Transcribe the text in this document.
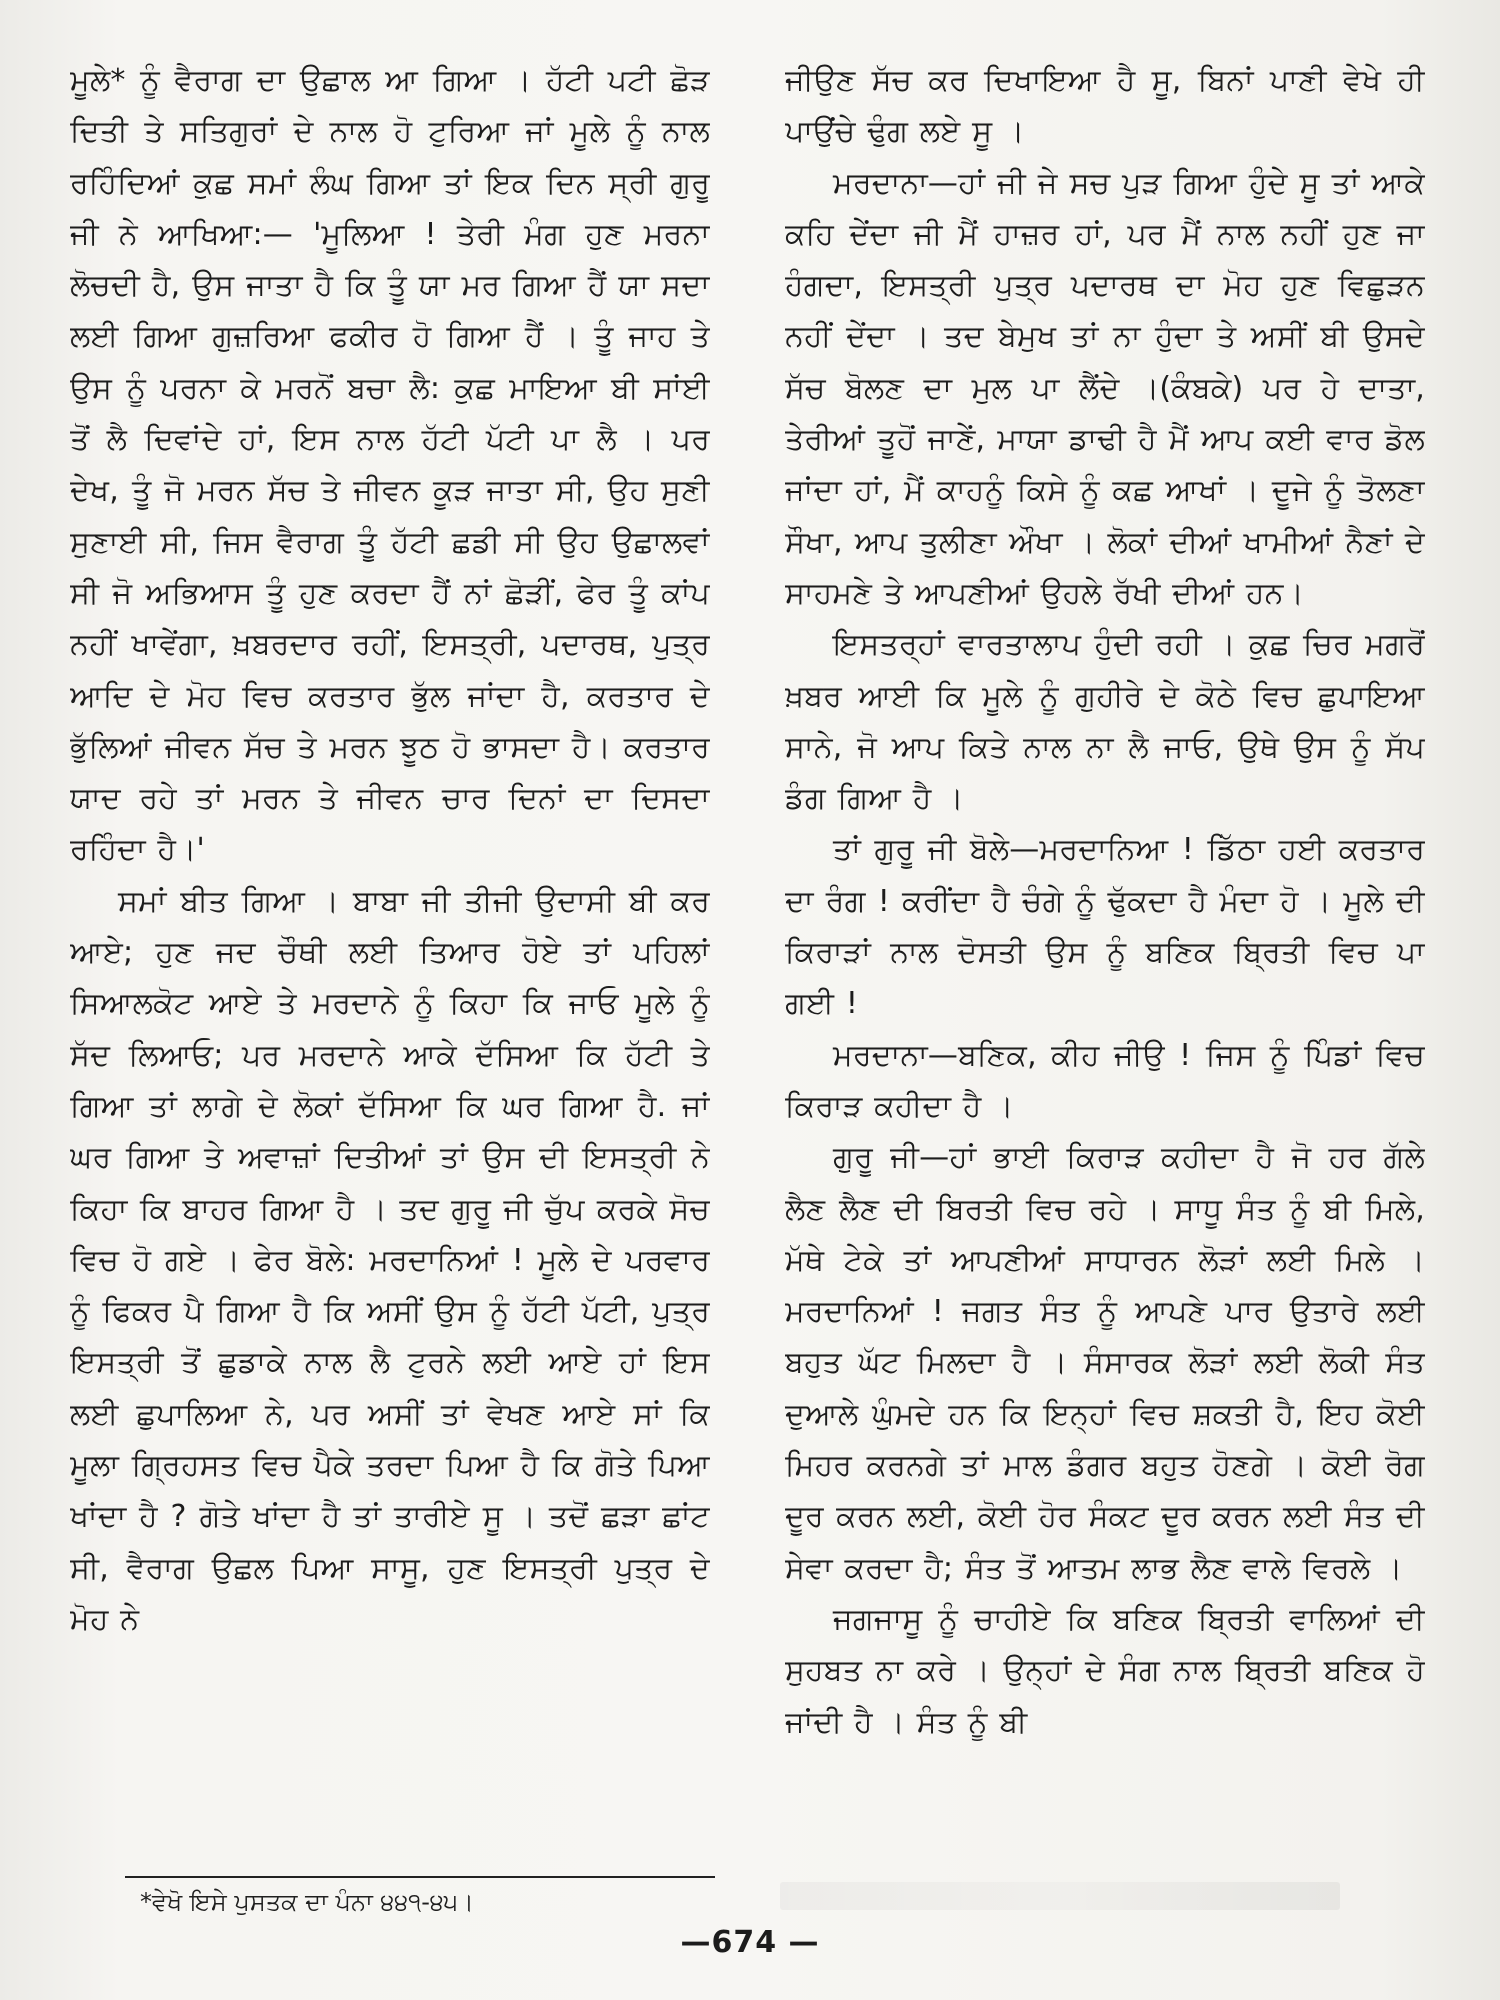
ਮੂਲੇ* ਨੂੰ ਵੈਰਾਗ ਦਾ ਉਛਾਲ ਆ ਗਿਆ । ਹੱਟੀ ਪਟੀ ਛੋੜ ਦਿਤੀ ਤੇ ਸਤਿਗੁਰਾਂ ਦੇ ਨਾਲ ਹੋ ਟੁਰਿਆ ਜਾਂ ਮੂਲੇ ਨੂੰ ਨਾਲ ਰਹਿੰਦਿਆਂ ਕੁਛ ਸਮਾਂ ਲੰਘ ਗਿਆ ਤਾਂ ਇਕ ਦਿਨ ਸ੍ਰੀ ਗੁਰੂ ਜੀ ਨੇ ਆਖਿਆ:— 'ਮੂਲਿਆ ! ਤੇਰੀ ਮੰਗ ਹੁਣ ਮਰਨਾ ਲੋਚਦੀ ਹੈ, ਉਸ ਜਾਤਾ ਹੈ ਕਿ ਤੂੰ ਯਾ ਮਰ ਗਿਆ ਹੈਂ ਯਾ ਸਦਾ ਲਈ ਗਿਆ ਗੁਜ਼ਰਿਆ ਫਕੀਰ ਹੋ ਗਿਆ ਹੈਂ । ਤੂੰ ਜਾਹ ਤੇ ਉਸ ਨੂੰ ਪਰਨਾ ਕੇ ਮਰਨੋਂ ਬਚਾ ਲੈ: ਕੁਛ ਮਾਇਆ ਬੀ ਸਾਂਈ ਤੋਂ ਲੈ ਦਿਵਾਂਦੇ ਹਾਂ, ਇਸ ਨਾਲ ਹੱਟੀ ਪੱਟੀ ਪਾ ਲੈ । ਪਰ ਦੇਖ, ਤੂੰ ਜੋ ਮਰਨ ਸੱਚ ਤੇ ਜੀਵਨ ਕੂੜ ਜਾਤਾ ਸੀ, ਉਹ ਸੁਣੀ ਸੁਣਾਈ ਸੀ, ਜਿਸ ਵੈਰਾਗ ਤੂੰ ਹੱਟੀ ਛਡੀ ਸੀ ਉਹ ਉਛਾਲਵਾਂ ਸੀ ਜੋ ਅਭਿਆਸ ਤੂੰ ਹੁਣ ਕਰਦਾ ਹੈਂ ਨਾਂ ਛੋੜੀਂ, ਫੇਰ ਤੂੰ ਕਾਂਪ ਨਹੀਂ ਖਾਵੇਂਗਾ, ਖ਼ਬਰਦਾਰ ਰਹੀਂ, ਇਸਤ੍ਰੀ, ਪਦਾਰਥ, ਪੁਤ੍ਰ ਆਦਿ ਦੇ ਮੋਹ ਵਿਚ ਕਰਤਾਰ ਭੁੱਲ ਜਾਂਦਾ ਹੈ, ਕਰਤਾਰ ਦੇ ਭੁੱਲਿਆਂ ਜੀਵਨ ਸੱਚ ਤੇ ਮਰਨ ਝੂਠ ਹੋ ਭਾਸਦਾ ਹੈ। ਕਰਤਾਰ ਯਾਦ ਰਹੇ ਤਾਂ ਮਰਨ ਤੇ ਜੀਵਨ ਚਾਰ ਦਿਨਾਂ ਦਾ ਦਿਸਦਾ ਰਹਿੰਦਾ ਹੈ।'

ਸਮਾਂ ਬੀਤ ਗਿਆ । ਬਾਬਾ ਜੀ ਤੀਜੀ ਉਦਾਸੀ ਬੀ ਕਰ ਆਏ; ਹੁਣ ਜਦ ਚੌਥੀ ਲਈ ਤਿਆਰ ਹੋਏ ਤਾਂ ਪਹਿਲਾਂ ਸਿਆਲਕੋਟ ਆਏ ਤੇ ਮਰਦਾਨੇ ਨੂੰ ਕਿਹਾ ਕਿ ਜਾਓ ਮੂਲੇ ਨੂੰ ਸੱਦ ਲਿਆਓ; ਪਰ ਮਰਦਾਨੇ ਆਕੇ ਦੱਸਿਆ ਕਿ ਹੱਟੀ ਤੇ ਗਿਆ ਤਾਂ ਲਾਗੇ ਦੇ ਲੋਕਾਂ ਦੱਸਿਆ ਕਿ ਘਰ ਗਿਆ ਹੈ. ਜਾਂ ਘਰ ਗਿਆ ਤੇ ਅਵਾਜ਼ਾਂ ਦਿਤੀਆਂ ਤਾਂ ਉਸ ਦੀ ਇਸਤ੍ਰੀ ਨੇ ਕਿਹਾ ਕਿ ਬਾਹਰ ਗਿਆ ਹੈ । ਤਦ ਗੁਰੂ ਜੀ ਚੁੱਪ ਕਰਕੇ ਸੋਚ ਵਿਚ ਹੋ ਗਏ । ਫੇਰ ਬੋਲੇ: ਮਰਦਾਨਿਆਂ ! ਮੂਲੇ ਦੇ ਪਰਵਾਰ ਨੂੰ ਫਿਕਰ ਪੈ ਗਿਆ ਹੈ ਕਿ ਅਸੀਂ ਉਸ ਨੂੰ ਹੱਟੀ ਪੱਟੀ, ਪੁਤ੍ਰ ਇਸਤ੍ਰੀ ਤੋਂ ਛੁਡਾਕੇ ਨਾਲ ਲੈ ਟੁਰਨੇ ਲਈ ਆਏ ਹਾਂ ਇਸ ਲਈ ਛੁਪਾਲਿਆ ਨੇ, ਪਰ ਅਸੀਂ ਤਾਂ ਵੇਖਣ ਆਏ ਸਾਂ ਕਿ ਮੂਲਾ ਗ੍ਰਿਹਸਤ ਵਿਚ ਪੈਕੇ ਤਰਦਾ ਪਿਆ ਹੈ ਕਿ ਗੋਤੇ ਪਿਆ ਖਾਂਦਾ ਹੈ ? ਗੋਤੇ ਖਾਂਦਾ ਹੈ ਤਾਂ ਤਾਰੀਏ ਸੂ । ਤਦੋਂ ਛੜਾ ਛਾਂਟ ਸੀ, ਵੈਰਾਗ ਉਛਲ ਪਿਆ ਸਾਸੂ, ਹੁਣ ਇਸਤ੍ਰੀ ਪੁਤ੍ਰ ਦੇ ਮੋਹ ਨੇ

ਜੀਉਣ ਸੱਚ ਕਰ ਦਿਖਾਇਆ ਹੈ ਸੂ, ਬਿਨਾਂ ਪਾਣੀ ਵੇਖੇ ਹੀ ਪਾਉਂਚੇ ਢੁੰਗ ਲਏ ਸੂ ।

ਮਰਦਾਨਾ—ਹਾਂ ਜੀ ਜੇ ਸਚ ਪੁੜ ਗਿਆ ਹੁੰਦੇ ਸੂ ਤਾਂ ਆਕੇ ਕਹਿ ਦੇਂਦਾ ਜੀ ਮੈਂ ਹਾਜ਼ਰ ਹਾਂ, ਪਰ ਮੈਂ ਨਾਲ ਨਹੀਂ ਹੁਣ ਜਾ ਹੰਗਦਾ, ਇਸਤ੍ਰੀ ਪੁਤ੍ਰ ਪਦਾਰਥ ਦਾ ਮੋਹ ਹੁਣ ਵਿਛੁੜਨ ਨਹੀਂ ਦੇਂਦਾ । ਤਦ ਬੇਮੁਖ ਤਾਂ ਨਾ ਹੁੰਦਾ ਤੇ ਅਸੀਂ ਬੀ ਉਸਦੇ ਸੱਚ ਬੋਲਣ ਦਾ ਮੁਲ ਪਾ ਲੈਂਦੇ ।(ਕੰਬਕੇ) ਪਰ ਹੇ ਦਾਤਾ, ਤੇਰੀਆਂ ਤੂਹੋਂ ਜਾਣੇਂ, ਮਾਯਾ ਡਾਢੀ ਹੈ ਮੈਂ ਆਪ ਕਈ ਵਾਰ ਡੋਲ ਜਾਂਦਾ ਹਾਂ, ਮੈਂ ਕਾਹਨੂੰ ਕਿਸੇ ਨੂੰ ਕਛ ਆਖਾਂ । ਦੂਜੇ ਨੂੰ ਤੋਲਣਾ ਸੌਖਾ, ਆਪ ਤੁਲੀਣਾ ਔਖਾ । ਲੋਕਾਂ ਦੀਆਂ ਖਾਮੀਆਂ ਨੈਣਾਂ ਦੇ ਸਾਹਮਣੇ ਤੇ ਆਪਣੀਆਂ ਉਹਲੇ ਰੱਖੀ ਦੀਆਂ ਹਨ।

ਇਸਤਰ੍ਹਾਂ ਵਾਰਤਾਲਾਪ ਹੁੰਦੀ ਰਹੀ । ਕੁਛ ਚਿਰ ਮਗਰੋਂ ਖ਼ਬਰ ਆਈ ਕਿ ਮੂਲੇ ਨੂੰ ਗੁਹੀਰੇ ਦੇ ਕੋਠੇ ਵਿਚ ਛੁਪਾਇਆ ਸਾਨੇ, ਜੋ ਆਪ ਕਿਤੇ ਨਾਲ ਨਾ ਲੈ ਜਾਓ, ਉਥੇ ਉਸ ਨੂੰ ਸੱਪ ਡੰਗ ਗਿਆ ਹੈ ।

ਤਾਂ ਗੁਰੂ ਜੀ ਬੋਲੇ—ਮਰਦਾਨਿਆ ! ਡਿੱਠਾ ਹਈ ਕਰਤਾਰ ਦਾ ਰੰਗ ! ਕਰੀਂਦਾ ਹੈ ਚੰਗੇ ਨੂੰ ਢੁੱਕਦਾ ਹੈ ਮੰਦਾ ਹੋ । ਮੂਲੇ ਦੀ ਕਿਰਾੜਾਂ ਨਾਲ ਦੋਸਤੀ ਉਸ ਨੂੰ ਬਣਿਕ ਬ੍ਰਿਤੀ ਵਿਚ ਪਾ ਗਈ !

ਮਰਦਾਨਾ—ਬਣਿਕ, ਕੀਹ ਜੀਉ ! ਜਿਸ ਨੂੰ ਪਿੰਡਾਂ ਵਿਚ ਕਿਰਾੜ ਕਹੀਦਾ ਹੈ ।

ਗੁਰੂ ਜੀ—ਹਾਂ ਭਾਈ ਕਿਰਾੜ ਕਹੀਦਾ ਹੈ ਜੋ ਹਰ ਗੱਲੇ ਲੈਣ ਲੈਣ ਦੀ ਬਿਰਤੀ ਵਿਚ ਰਹੇ । ਸਾਧੂ ਸੰਤ ਨੂੰ ਬੀ ਮਿਲੇ, ਮੱਥੇ ਟੇਕੇ ਤਾਂ ਆਪਣੀਆਂ ਸਾਧਾਰਨ ਲੋੜਾਂ ਲਈ ਮਿਲੇ । ਮਰਦਾਨਿਆਂ ! ਜਗਤ ਸੰਤ ਨੂੰ ਆਪਣੇ ਪਾਰ ਉਤਾਰੇ ਲਈ ਬਹੁਤ ਘੱਟ ਮਿਲਦਾ ਹੈ । ਸੰਸਾਰਕ ਲੋੜਾਂ ਲਈ ਲੋਕੀ ਸੰਤ ਦੁਆਲੇ ਘੁੰਮਦੇ ਹਨ ਕਿ ਇਨ੍ਹਾਂ ਵਿਚ ਸ਼ਕਤੀ ਹੈ, ਇਹ ਕੋਈ ਮਿਹਰ ਕਰਨਗੇ ਤਾਂ ਮਾਲ ਡੰਗਰ ਬਹੁਤ ਹੋਣਗੇ । ਕੋਈ ਰੋਗ ਦੂਰ ਕਰਨ ਲਈ, ਕੋਈ ਹੋਰ ਸੰਕਟ ਦੂਰ ਕਰਨ ਲਈ ਸੰਤ ਦੀ ਸੇਵਾ ਕਰਦਾ ਹੈ; ਸੰਤ ਤੋਂ ਆਤਮ ਲਾਭ ਲੈਣ ਵਾਲੇ ਵਿਰਲੇ ।

ਜਗਜਾਸੂ ਨੂੰ ਚਾਹੀਏ ਕਿ ਬਣਿਕ ਬ੍ਰਿਤੀ ਵਾਲਿਆਂ ਦੀ ਸੁਹਬਤ ਨਾ ਕਰੇ । ਉਨ੍ਹਾਂ ਦੇ ਸੰਗ ਨਾਲ ਬ੍ਰਿਤੀ ਬਣਿਕ ਹੋ ਜਾਂਦੀ ਹੈ । ਸੰਤ ਨੂੰ ਬੀ

*ਵੇਖੋ ਇਸੇ ਪੁਸਤਕ ਦਾ ਪੰਨਾ ੪੪੧-੪੫।
—674 —
